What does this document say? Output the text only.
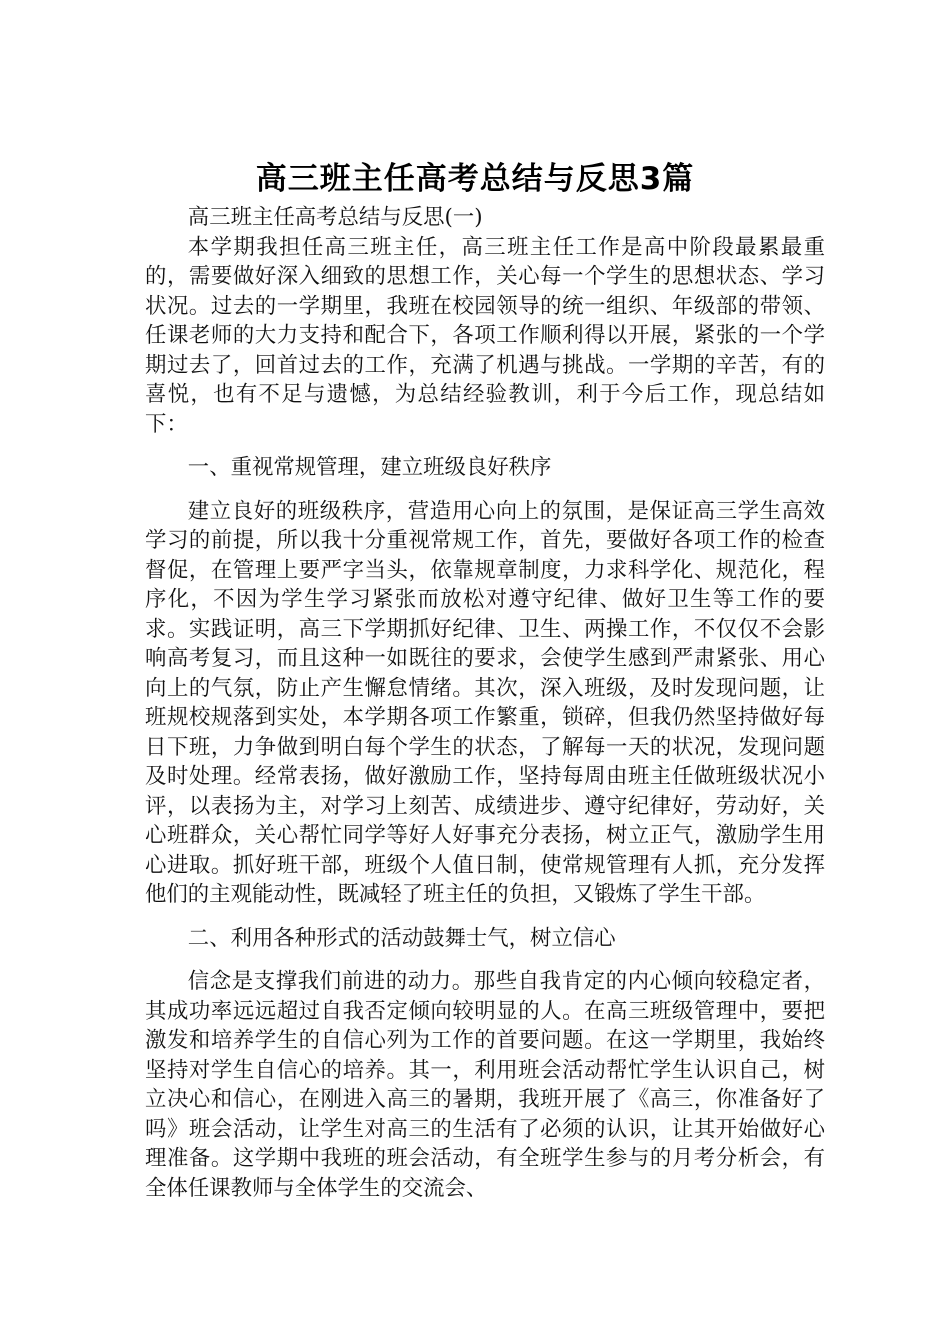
高三班主任高考总结与反思3篇

高三班主任高考总结与反思(一)

本学期我担任高三班主任，高三班主任工作是高中阶段最累最重的，需要做好深入细致的思想工作，关心每一个学生的思想状态、学习状况。过去的一学期里，我班在校园领导的统一组织、年级部的带领、任课老师的大力支持和配合下，各项工作顺利得以开展，紧张的一个学期过去了，回首过去的工作，充满了机遇与挑战。一学期的辛苦，有的喜悦，也有不足与遗憾，为总结经验教训，利于今后工作，现总结如下：

一、重视常规管理，建立班级良好秩序

建立良好的班级秩序，营造用心向上的氛围，是保证高三学生高效学习的前提，所以我十分重视常规工作，首先，要做好各项工作的检查督促，在管理上要严字当头，依靠规章制度，力求科学化、规范化，程序化，不因为学生学习紧张而放松对遵守纪律、做好卫生等工作的要求。实践证明，高三下学期抓好纪律、卫生、两操工作，不仅仅不会影响高考复习，而且这种一如既往的要求，会使学生感到严肃紧张、用心向上的气氛，防止产生懈怠情绪。其次，深入班级，及时发现问题，让班规校规落到实处，本学期各项工作繁重，锁碎，但我仍然坚持做好每日下班，力争做到明白每个学生的状态，了解每一天的状况，发现问题及时处理。经常表扬，做好激励工作，坚持每周由班主任做班级状况小评，以表扬为主，对学习上刻苦、成绩进步、遵守纪律好，劳动好，关心班群众，关心帮忙同学等好人好事充分表扬，树立正气，激励学生用心进取。抓好班干部，班级个人值日制，使常规管理有人抓，充分发挥他们的主观能动性，既减轻了班主任的负担，又锻炼了学生干部。

二、利用各种形式的活动鼓舞士气，树立信心

信念是支撑我们前进的动力。那些自我肯定的内心倾向较稳定者，其成功率远远超过自我否定倾向较明显的人。在高三班级管理中，要把激发和培养学生的自信心列为工作的首要问题。在这一学期里，我始终坚持对学生自信心的培养。其一，利用班会活动帮忙学生认识自己，树立决心和信心，在刚进入高三的暑期，我班开展了《高三，你准备好了吗》班会活动，让学生对高三的生活有了必须的认识，让其开始做好心理准备。这学期中我班的班会活动，有全班学生参与的月考分析会，有全体任课教师与全体学生的交流会、
